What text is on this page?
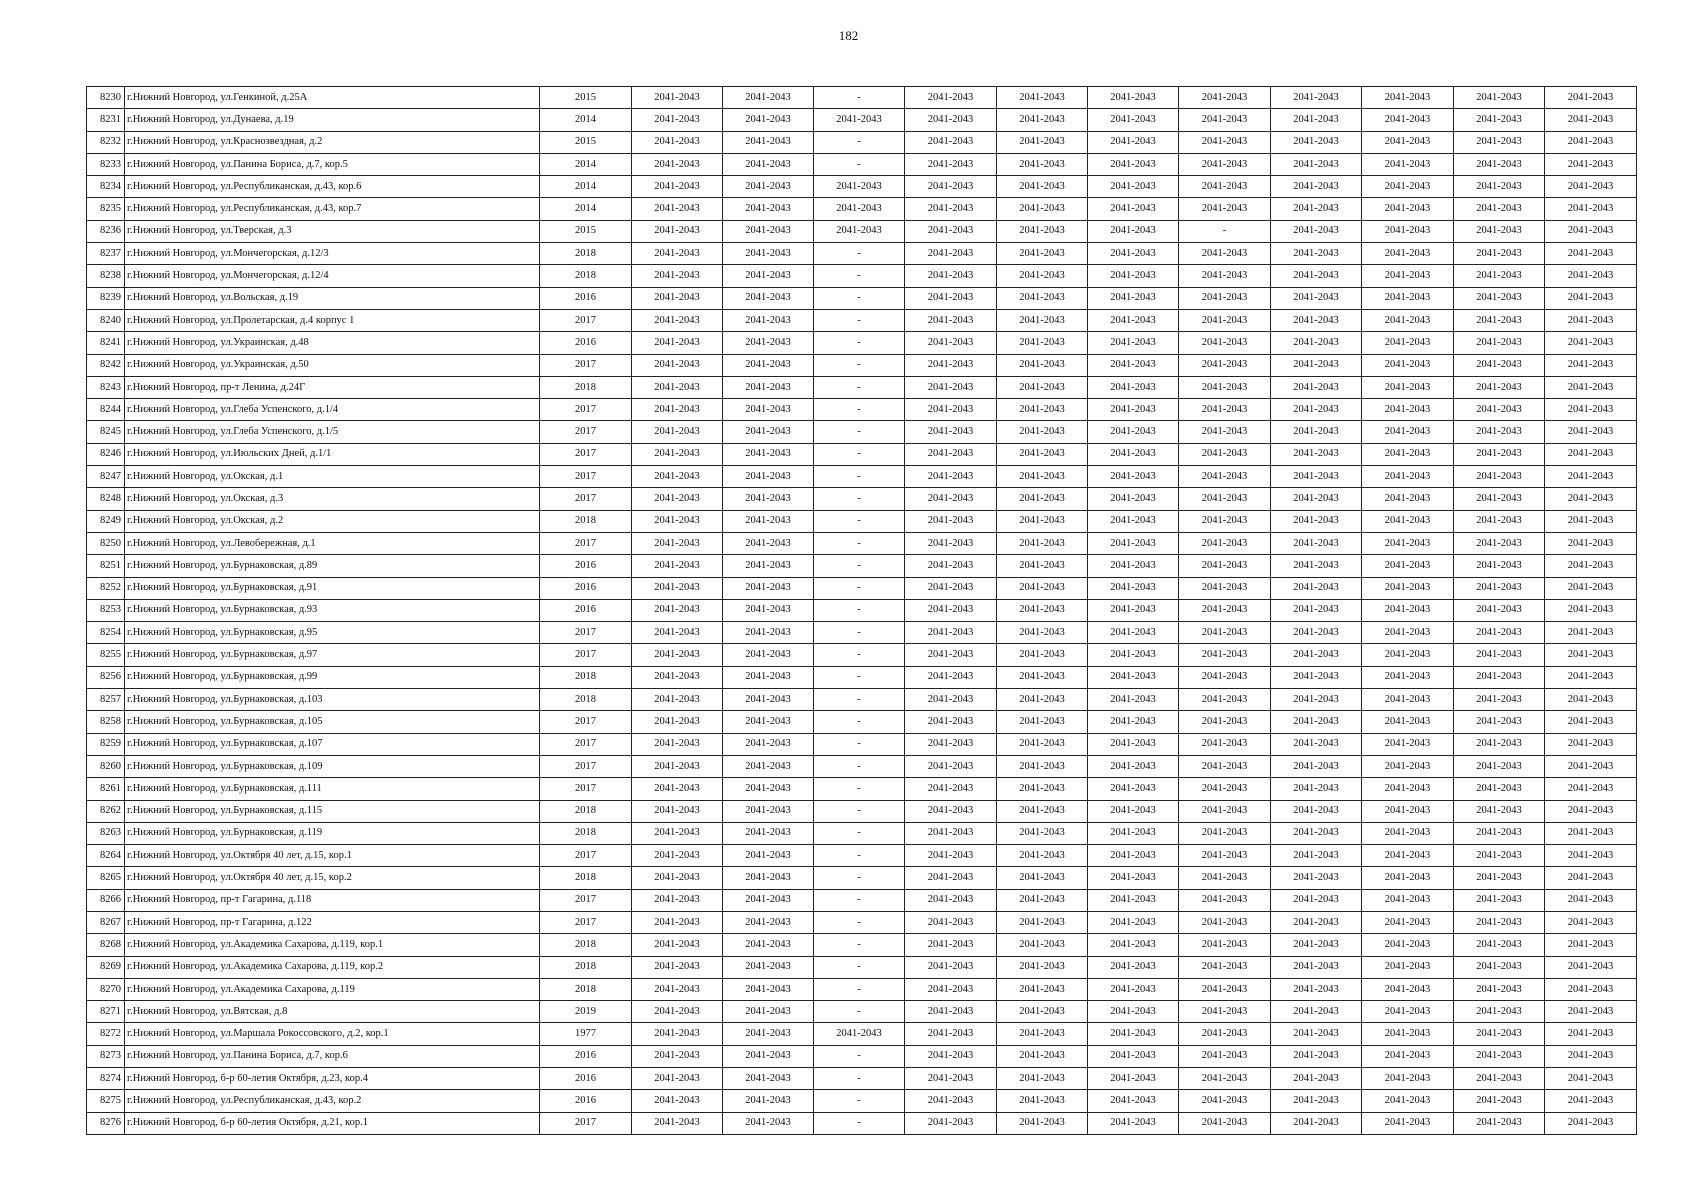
182
8230	г.Нижний Новгород, ул.Генкиной, д.25А	2015	2041-2043	2041-2043	-	2041-2043	2041-2043	2041-2043	2041-2043	2041-2043	2041-2043	2041-2043	2041-2043
8231	г.Нижний Новгород, ул.Дунаева, д.19	2014	2041-2043	2041-2043	2041-2043	2041-2043	2041-2043	2041-2043	2041-2043	2041-2043	2041-2043	2041-2043	2041-2043
8232	г.Нижний Новгород, ул.Краснозвездная, д.2	2015	2041-2043	2041-2043	-	2041-2043	2041-2043	2041-2043	2041-2043	2041-2043	2041-2043	2041-2043	2041-2043
8233	г.Нижний Новгород, ул.Панина Бориса, д.7, кор.5	2014	2041-2043	2041-2043	-	2041-2043	2041-2043	2041-2043	2041-2043	2041-2043	2041-2043	2041-2043	2041-2043
8234	г.Нижний Новгород, ул.Республиканская, д.43, кор.6	2014	2041-2043	2041-2043	2041-2043	2041-2043	2041-2043	2041-2043	2041-2043	2041-2043	2041-2043	2041-2043	2041-2043
8235	г.Нижний Новгород, ул.Республиканская, д.43, кор.7	2014	2041-2043	2041-2043	2041-2043	2041-2043	2041-2043	2041-2043	2041-2043	2041-2043	2041-2043	2041-2043	2041-2043
8236	г.Нижний Новгород, ул.Тверская, д.3	2015	2041-2043	2041-2043	2041-2043	2041-2043	2041-2043	2041-2043	-	2041-2043	2041-2043	2041-2043	2041-2043
8237	г.Нижний Новгород, ул.Мончегорская, д.12/3	2018	2041-2043	2041-2043	-	2041-2043	2041-2043	2041-2043	2041-2043	2041-2043	2041-2043	2041-2043	2041-2043
8238	г.Нижний Новгород, ул.Мончегорская, д.12/4	2018	2041-2043	2041-2043	-	2041-2043	2041-2043	2041-2043	2041-2043	2041-2043	2041-2043	2041-2043	2041-2043
8239	г.Нижний Новгород, ул.Вольская, д.19	2016	2041-2043	2041-2043	-	2041-2043	2041-2043	2041-2043	2041-2043	2041-2043	2041-2043	2041-2043	2041-2043
8240	г.Нижний Новгород, ул.Пролетарская, д.4 корпус 1	2017	2041-2043	2041-2043	-	2041-2043	2041-2043	2041-2043	2041-2043	2041-2043	2041-2043	2041-2043	2041-2043
8241	г.Нижний Новгород, ул.Украинская, д.48	2016	2041-2043	2041-2043	-	2041-2043	2041-2043	2041-2043	2041-2043	2041-2043	2041-2043	2041-2043	2041-2043
8242	г.Нижний Новгород, ул.Украинская, д.50	2017	2041-2043	2041-2043	-	2041-2043	2041-2043	2041-2043	2041-2043	2041-2043	2041-2043	2041-2043	2041-2043
8243	г.Нижний Новгород, пр-т Ленина, д.24Г	2018	2041-2043	2041-2043	-	2041-2043	2041-2043	2041-2043	2041-2043	2041-2043	2041-2043	2041-2043	2041-2043
8244	г.Нижний Новгород, ул.Глеба Успенского, д.1/4	2017	2041-2043	2041-2043	-	2041-2043	2041-2043	2041-2043	2041-2043	2041-2043	2041-2043	2041-2043	2041-2043
8245	г.Нижний Новгород, ул.Глеба Успенского, д.1/5	2017	2041-2043	2041-2043	-	2041-2043	2041-2043	2041-2043	2041-2043	2041-2043	2041-2043	2041-2043	2041-2043
8246	г.Нижний Новгород, ул.Июльских Дней, д.1/1	2017	2041-2043	2041-2043	-	2041-2043	2041-2043	2041-2043	2041-2043	2041-2043	2041-2043	2041-2043	2041-2043
8247	г.Нижний Новгород, ул.Окская, д.1	2017	2041-2043	2041-2043	-	2041-2043	2041-2043	2041-2043	2041-2043	2041-2043	2041-2043	2041-2043	2041-2043
8248	г.Нижний Новгород, ул.Окская, д.3	2017	2041-2043	2041-2043	-	2041-2043	2041-2043	2041-2043	2041-2043	2041-2043	2041-2043	2041-2043	2041-2043
8249	г.Нижний Новгород, ул.Окская, д.2	2018	2041-2043	2041-2043	-	2041-2043	2041-2043	2041-2043	2041-2043	2041-2043	2041-2043	2041-2043	2041-2043
8250	г.Нижний Новгород, ул.Левобережная, д.1	2017	2041-2043	2041-2043	-	2041-2043	2041-2043	2041-2043	2041-2043	2041-2043	2041-2043	2041-2043	2041-2043
8251	г.Нижний Новгород, ул.Бурнаковская, д.89	2016	2041-2043	2041-2043	-	2041-2043	2041-2043	2041-2043	2041-2043	2041-2043	2041-2043	2041-2043	2041-2043
8252	г.Нижний Новгород, ул.Бурнаковская, д.91	2016	2041-2043	2041-2043	-	2041-2043	2041-2043	2041-2043	2041-2043	2041-2043	2041-2043	2041-2043	2041-2043
8253	г.Нижний Новгород, ул.Бурнаковская, д.93	2016	2041-2043	2041-2043	-	2041-2043	2041-2043	2041-2043	2041-2043	2041-2043	2041-2043	2041-2043	2041-2043
8254	г.Нижний Новгород, ул.Бурнаковская, д.95	2017	2041-2043	2041-2043	-	2041-2043	2041-2043	2041-2043	2041-2043	2041-2043	2041-2043	2041-2043	2041-2043
8255	г.Нижний Новгород, ул.Бурнаковская, д.97	2017	2041-2043	2041-2043	-	2041-2043	2041-2043	2041-2043	2041-2043	2041-2043	2041-2043	2041-2043	2041-2043
8256	г.Нижний Новгород, ул.Бурнаковская, д.99	2018	2041-2043	2041-2043	-	2041-2043	2041-2043	2041-2043	2041-2043	2041-2043	2041-2043	2041-2043	2041-2043
8257	г.Нижний Новгород, ул.Бурнаковская, д.103	2018	2041-2043	2041-2043	-	2041-2043	2041-2043	2041-2043	2041-2043	2041-2043	2041-2043	2041-2043	2041-2043
8258	г.Нижний Новгород, ул.Бурнаковская, д.105	2017	2041-2043	2041-2043	-	2041-2043	2041-2043	2041-2043	2041-2043	2041-2043	2041-2043	2041-2043	2041-2043
8259	г.Нижний Новгород, ул.Бурнаковская, д.107	2017	2041-2043	2041-2043	-	2041-2043	2041-2043	2041-2043	2041-2043	2041-2043	2041-2043	2041-2043	2041-2043
8260	г.Нижний Новгород, ул.Бурнаковская, д.109	2017	2041-2043	2041-2043	-	2041-2043	2041-2043	2041-2043	2041-2043	2041-2043	2041-2043	2041-2043	2041-2043
8261	г.Нижний Новгород, ул.Бурнаковская, д.111	2017	2041-2043	2041-2043	-	2041-2043	2041-2043	2041-2043	2041-2043	2041-2043	2041-2043	2041-2043	2041-2043
8262	г.Нижний Новгород, ул.Бурнаковская, д.115	2018	2041-2043	2041-2043	-	2041-2043	2041-2043	2041-2043	2041-2043	2041-2043	2041-2043	2041-2043	2041-2043
8263	г.Нижний Новгород, ул.Бурнаковская, д.119	2018	2041-2043	2041-2043	-	2041-2043	2041-2043	2041-2043	2041-2043	2041-2043	2041-2043	2041-2043	2041-2043
8264	г.Нижний Новгород, ул.Октября 40 лет, д.15, кор.1	2017	2041-2043	2041-2043	-	2041-2043	2041-2043	2041-2043	2041-2043	2041-2043	2041-2043	2041-2043	2041-2043
8265	г.Нижний Новгород, ул.Октября 40 лет, д.15, кор.2	2018	2041-2043	2041-2043	-	2041-2043	2041-2043	2041-2043	2041-2043	2041-2043	2041-2043	2041-2043	2041-2043
8266	г.Нижний Новгород, пр-т Гагарина, д.118	2017	2041-2043	2041-2043	-	2041-2043	2041-2043	2041-2043	2041-2043	2041-2043	2041-2043	2041-2043	2041-2043
8267	г.Нижний Новгород, пр-т Гагарина, д.122	2017	2041-2043	2041-2043	-	2041-2043	2041-2043	2041-2043	2041-2043	2041-2043	2041-2043	2041-2043	2041-2043
8268	г.Нижний Новгород, ул.Академика Сахарова, д.119, кор.1	2018	2041-2043	2041-2043	-	2041-2043	2041-2043	2041-2043	2041-2043	2041-2043	2041-2043	2041-2043	2041-2043
8269	г.Нижний Новгород, ул.Академика Сахарова, д.119, кор.2	2018	2041-2043	2041-2043	-	2041-2043	2041-2043	2041-2043	2041-2043	2041-2043	2041-2043	2041-2043	2041-2043
8270	г.Нижний Новгород, ул.Академика Сахарова, д.119	2018	2041-2043	2041-2043	-	2041-2043	2041-2043	2041-2043	2041-2043	2041-2043	2041-2043	2041-2043	2041-2043
8271	г.Нижний Новгород, ул.Вятская, д.8	2019	2041-2043	2041-2043	-	2041-2043	2041-2043	2041-2043	2041-2043	2041-2043	2041-2043	2041-2043	2041-2043
8272	г.Нижний Новгород, ул.Маршала Рокоссовского, д.2, кор.1	1977	2041-2043	2041-2043	2041-2043	2041-2043	2041-2043	2041-2043	2041-2043	2041-2043	2041-2043	2041-2043	2041-2043
8273	г.Нижний Новгород, ул.Панина Бориса, д.7, кор.6	2016	2041-2043	2041-2043	-	2041-2043	2041-2043	2041-2043	2041-2043	2041-2043	2041-2043	2041-2043	2041-2043
8274	г.Нижний Новгород, б-р 60-летия Октября, д.23, кор.4	2016	2041-2043	2041-2043	-	2041-2043	2041-2043	2041-2043	2041-2043	2041-2043	2041-2043	2041-2043	2041-2043
8275	г.Нижний Новгород, ул.Республиканская, д.43, кор.2	2016	2041-2043	2041-2043	-	2041-2043	2041-2043	2041-2043	2041-2043	2041-2043	2041-2043	2041-2043	2041-2043
8276	г.Нижний Новгород, б-р 60-летия Октября, д.21, кор.1	2017	2041-2043	2041-2043	-	2041-2043	2041-2043	2041-2043	2041-2043	2041-2043	2041-2043	2041-2043	2041-2043
